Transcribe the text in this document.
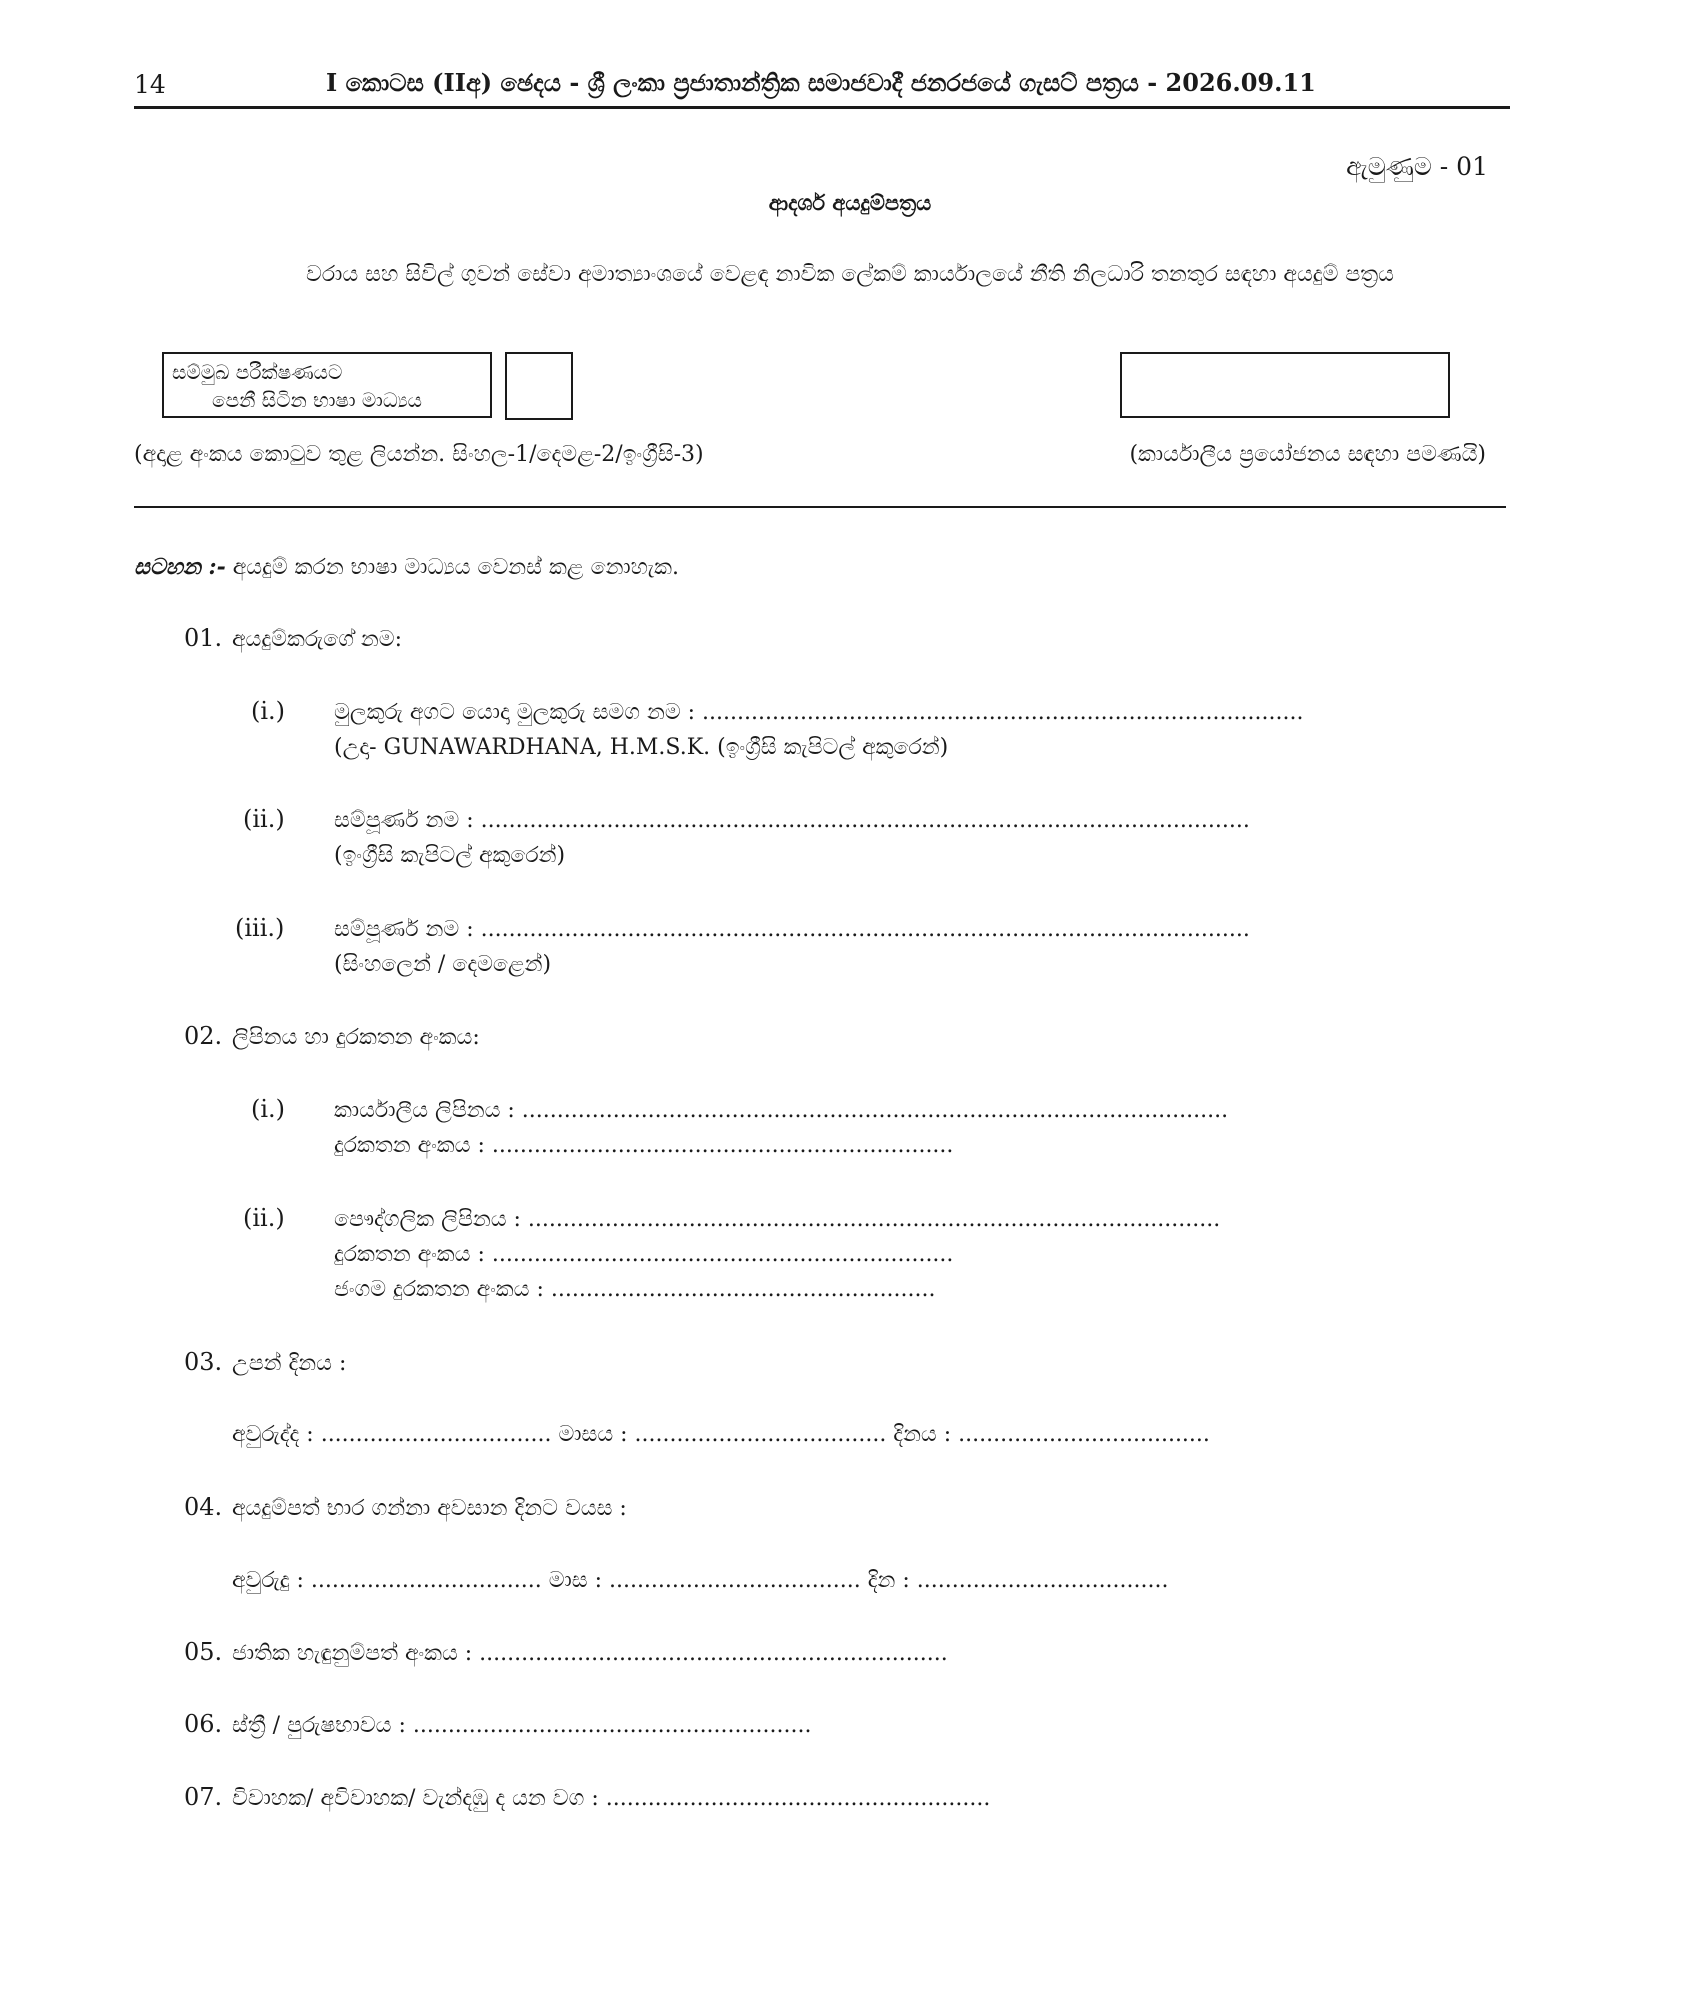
14	I කොටස (IIඅ) ඡෙදය - ශ්‍රී ලංකා ප්‍රජාතාන්ත්‍රික සමාජවාදී ජනරජයේ ගැසට් පත්‍රය - 2026.09.11
ඇමුණුම - 01
ආදර්ශ අයදුම්පත්‍රය
වරාය සහ සිවිල් ගුවන් සේවා අමාත්‍යාංශයේ වෙළඳ නාවික ලේකම් කාර්යාලයේ නීති නිලධාරි තනතුර සඳහා අයදුම් පත්‍රය
සම්මුඛ පරීක්ෂණයට
පෙනී සිටින භාෂා මාධ්‍යය
(අදාළ අංකය කොටුව තුළ ලියන්න. සිංහල-1/දෙමළ-2/ඉංග්‍රීසි-3)	(කාර්යාලීය ප්‍රයෝජනය සඳහා පමණයි)
සටහන :- අයදුම් කරන භාෂා මාධ්‍යය වෙනස් කළ නොහැක.
01. අයදුම්කරුගේ නම:
(i.) මුලකුරු අගට යොදා මුලකුරු සමග නම : ......................................................................................
(උදා- GUNAWARDHANA, H.M.S.K. (ඉංග්‍රීසි කැපිටල් අකුරෙන්)
(ii.) සම්පූර්ණ නම : ..............................................................................................................
(ඉංග්‍රීසි කැපිටල් අකුරෙන්)
(iii.) සම්පූර්ණ නම : ..............................................................................................................
(සිංහලෙන් / දෙමළෙන්)
02. ලිපිනය හා දුරකතන අංකය:
(i.) කාර්යාලීය ලිපිනය : .....................................................................................................
දුරකතන අංකය : ..................................................................
(ii.) පෞද්ගලික ලිපිනය : ...................................................................................................
දුරකතන අංකය : ..................................................................
ජංගම දුරකතන අංකය : .......................................................
03. උපන් දිනය :
අවුරුද්ද : ................................. මාසය : .................................... දිනය : ....................................
04. අයදුම්පත් භාර ගන්නා අවසාන දිනට වයස :
අවුරුදු : ................................. මාස : .................................... දින : ....................................
05. ජාතික හැඳුනුම්පත් අංකය : ...................................................................
06. ස්ත්‍රී / පුරුෂභාවය : .........................................................
07. විවාහක/ අවිවාහක/ වැන්දඹු ද යන වග : .......................................................
